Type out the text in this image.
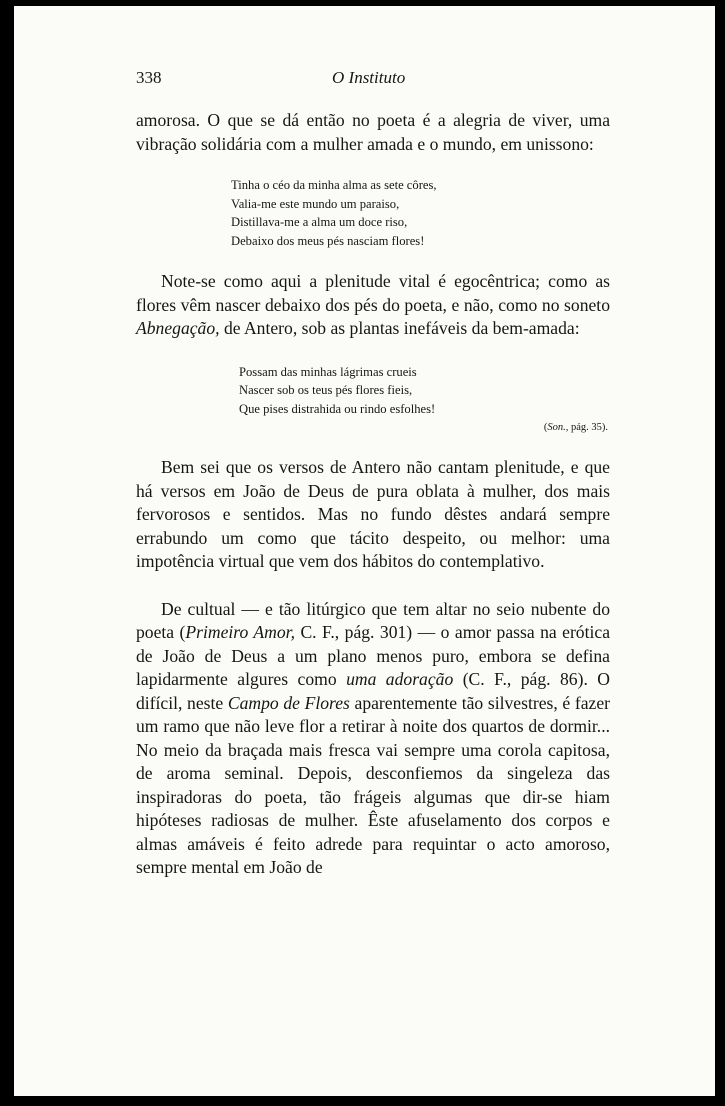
338	O Instituto

amorosa. O que se dá então no poeta é a alegria de viver, uma vibração solidária com a mulher amada e o mundo, em unissono:

Tinha o céo da minha alma as sete côres,
Valia-me este mundo um paraiso,
Distillava-me a alma um doce riso,
Debaixo dos meus pés nasciam flores!

Note-se como aqui a plenitude vital é egocêntrica; como as flores vêm nascer debaixo dos pés do poeta, e não, como no soneto Abnegação, de Antero, sob as plantas inefáveis da bem-amada:

Possam das minhas lágrimas crueis
Nascer sob os teus pés flores fieis,
Que pises distrahida ou rindo esfolhes!
(Son., pág. 35).

Bem sei que os versos de Antero não cantam plenitude, e que há versos em João de Deus de pura oblata à mulher, dos mais fervorosos e sentidos. Mas no fundo dêstes andará sempre errabundo um como que tácito despeito, ou melhor: uma impotência virtual que vem dos hábitos do contemplativo.

De cultual — e tão litúrgico que tem altar no seio nubente do poeta (Primeiro Amor, C. F., pág. 301) — o amor passa na erótica de João de Deus a um plano menos puro, embora se defina lapidarmente algures como uma adoração (C. F., pág. 86). O difícil, neste Campo de Flores aparentemente tão silvestres, é fazer um ramo que não leve flor a retirar à noite dos quartos de dormir... No meio da braçada mais fresca vai sempre uma corola capitosa, de aroma seminal. Depois, desconfiemos da singeleza das inspiradoras do poeta, tão frágeis algumas que dir-se hiam hipóteses radiosas de mulher. Êste afuselamento dos corpos e almas amáveis é feito adrede para requintar o acto amoroso, sempre mental em João de
